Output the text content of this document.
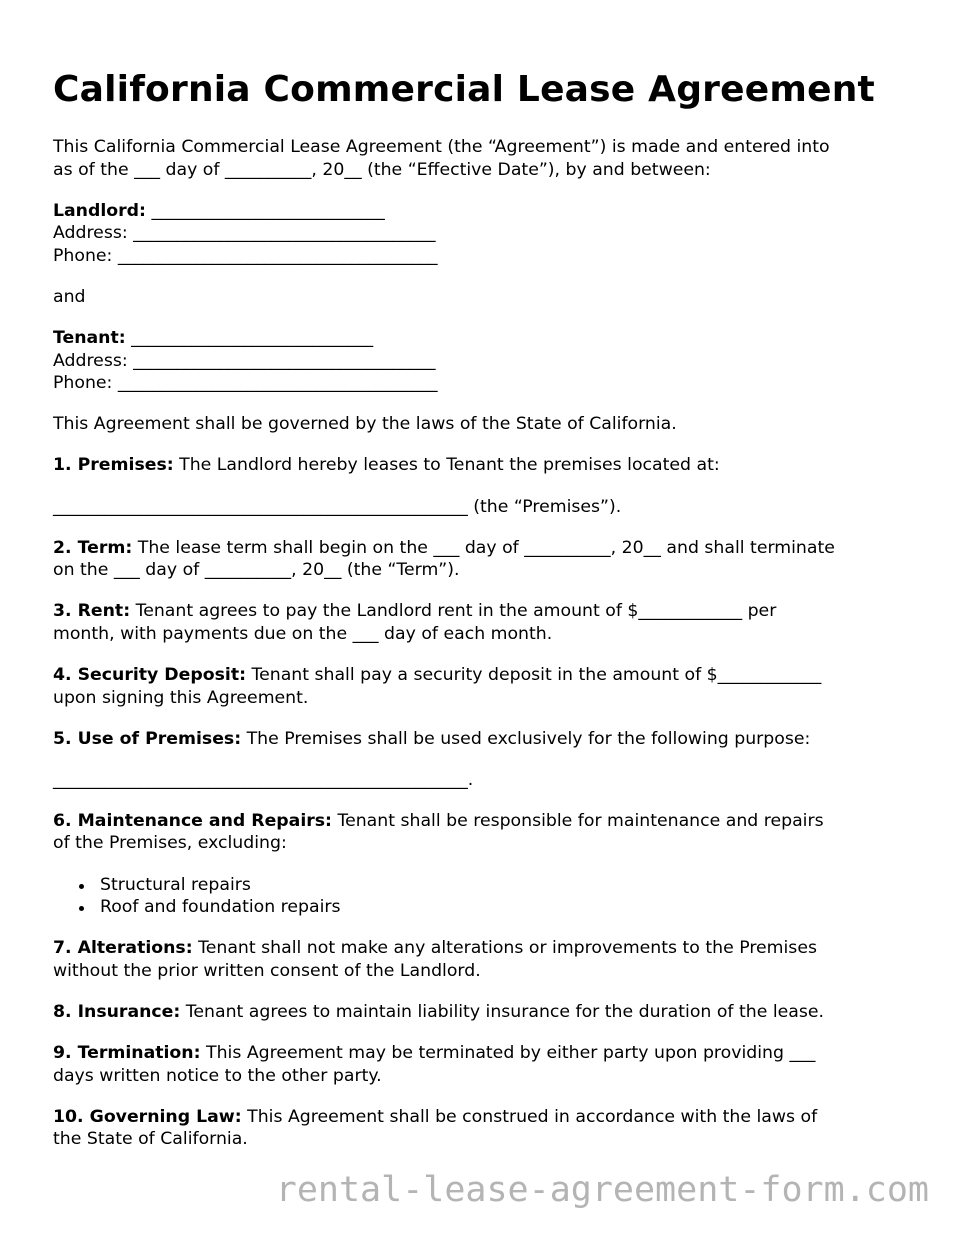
California Commercial Lease Agreement

This California Commercial Lease Agreement (the “Agreement”) is made and entered into

as of the ___ day of __________, 20__ (the “Effective Date”), by and between:

Landlord: ___________________________

Address: ___________________________________

Phone: _____________________________________

and

Tenant: ____________________________

Address: ___________________________________

Phone: _____________________________________

This Agreement shall be governed by the laws of the State of California.

1. Premises: The Landlord hereby leases to Tenant the premises located at:

________________________________________________ (the “Premises”).

2. Term: The lease term shall begin on the ___ day of __________, 20__ and shall terminate

on the ___ day of __________, 20__ (the “Term”).

3. Rent: Tenant agrees to pay the Landlord rent in the amount of $____________ per

month, with payments due on the ___ day of each month.

4. Security Deposit: Tenant shall pay a security deposit in the amount of $____________

upon signing this Agreement.

5. Use of Premises: The Premises shall be used exclusively for the following purpose:

________________________________________________.

6. Maintenance and Repairs: Tenant shall be responsible for maintenance and repairs

of the Premises, excluding:

Structural repairs
Roof and foundation repairs

7. Alterations: Tenant shall not make any alterations or improvements to the Premises

without the prior written consent of the Landlord.

8. Insurance: Tenant agrees to maintain liability insurance for the duration of the lease.

9. Termination: This Agreement may be terminated by either party upon providing ___

days written notice to the other party.

10. Governing Law: This Agreement shall be construed in accordance with the laws of

the State of California.

rental-lease-agreement-form.com
